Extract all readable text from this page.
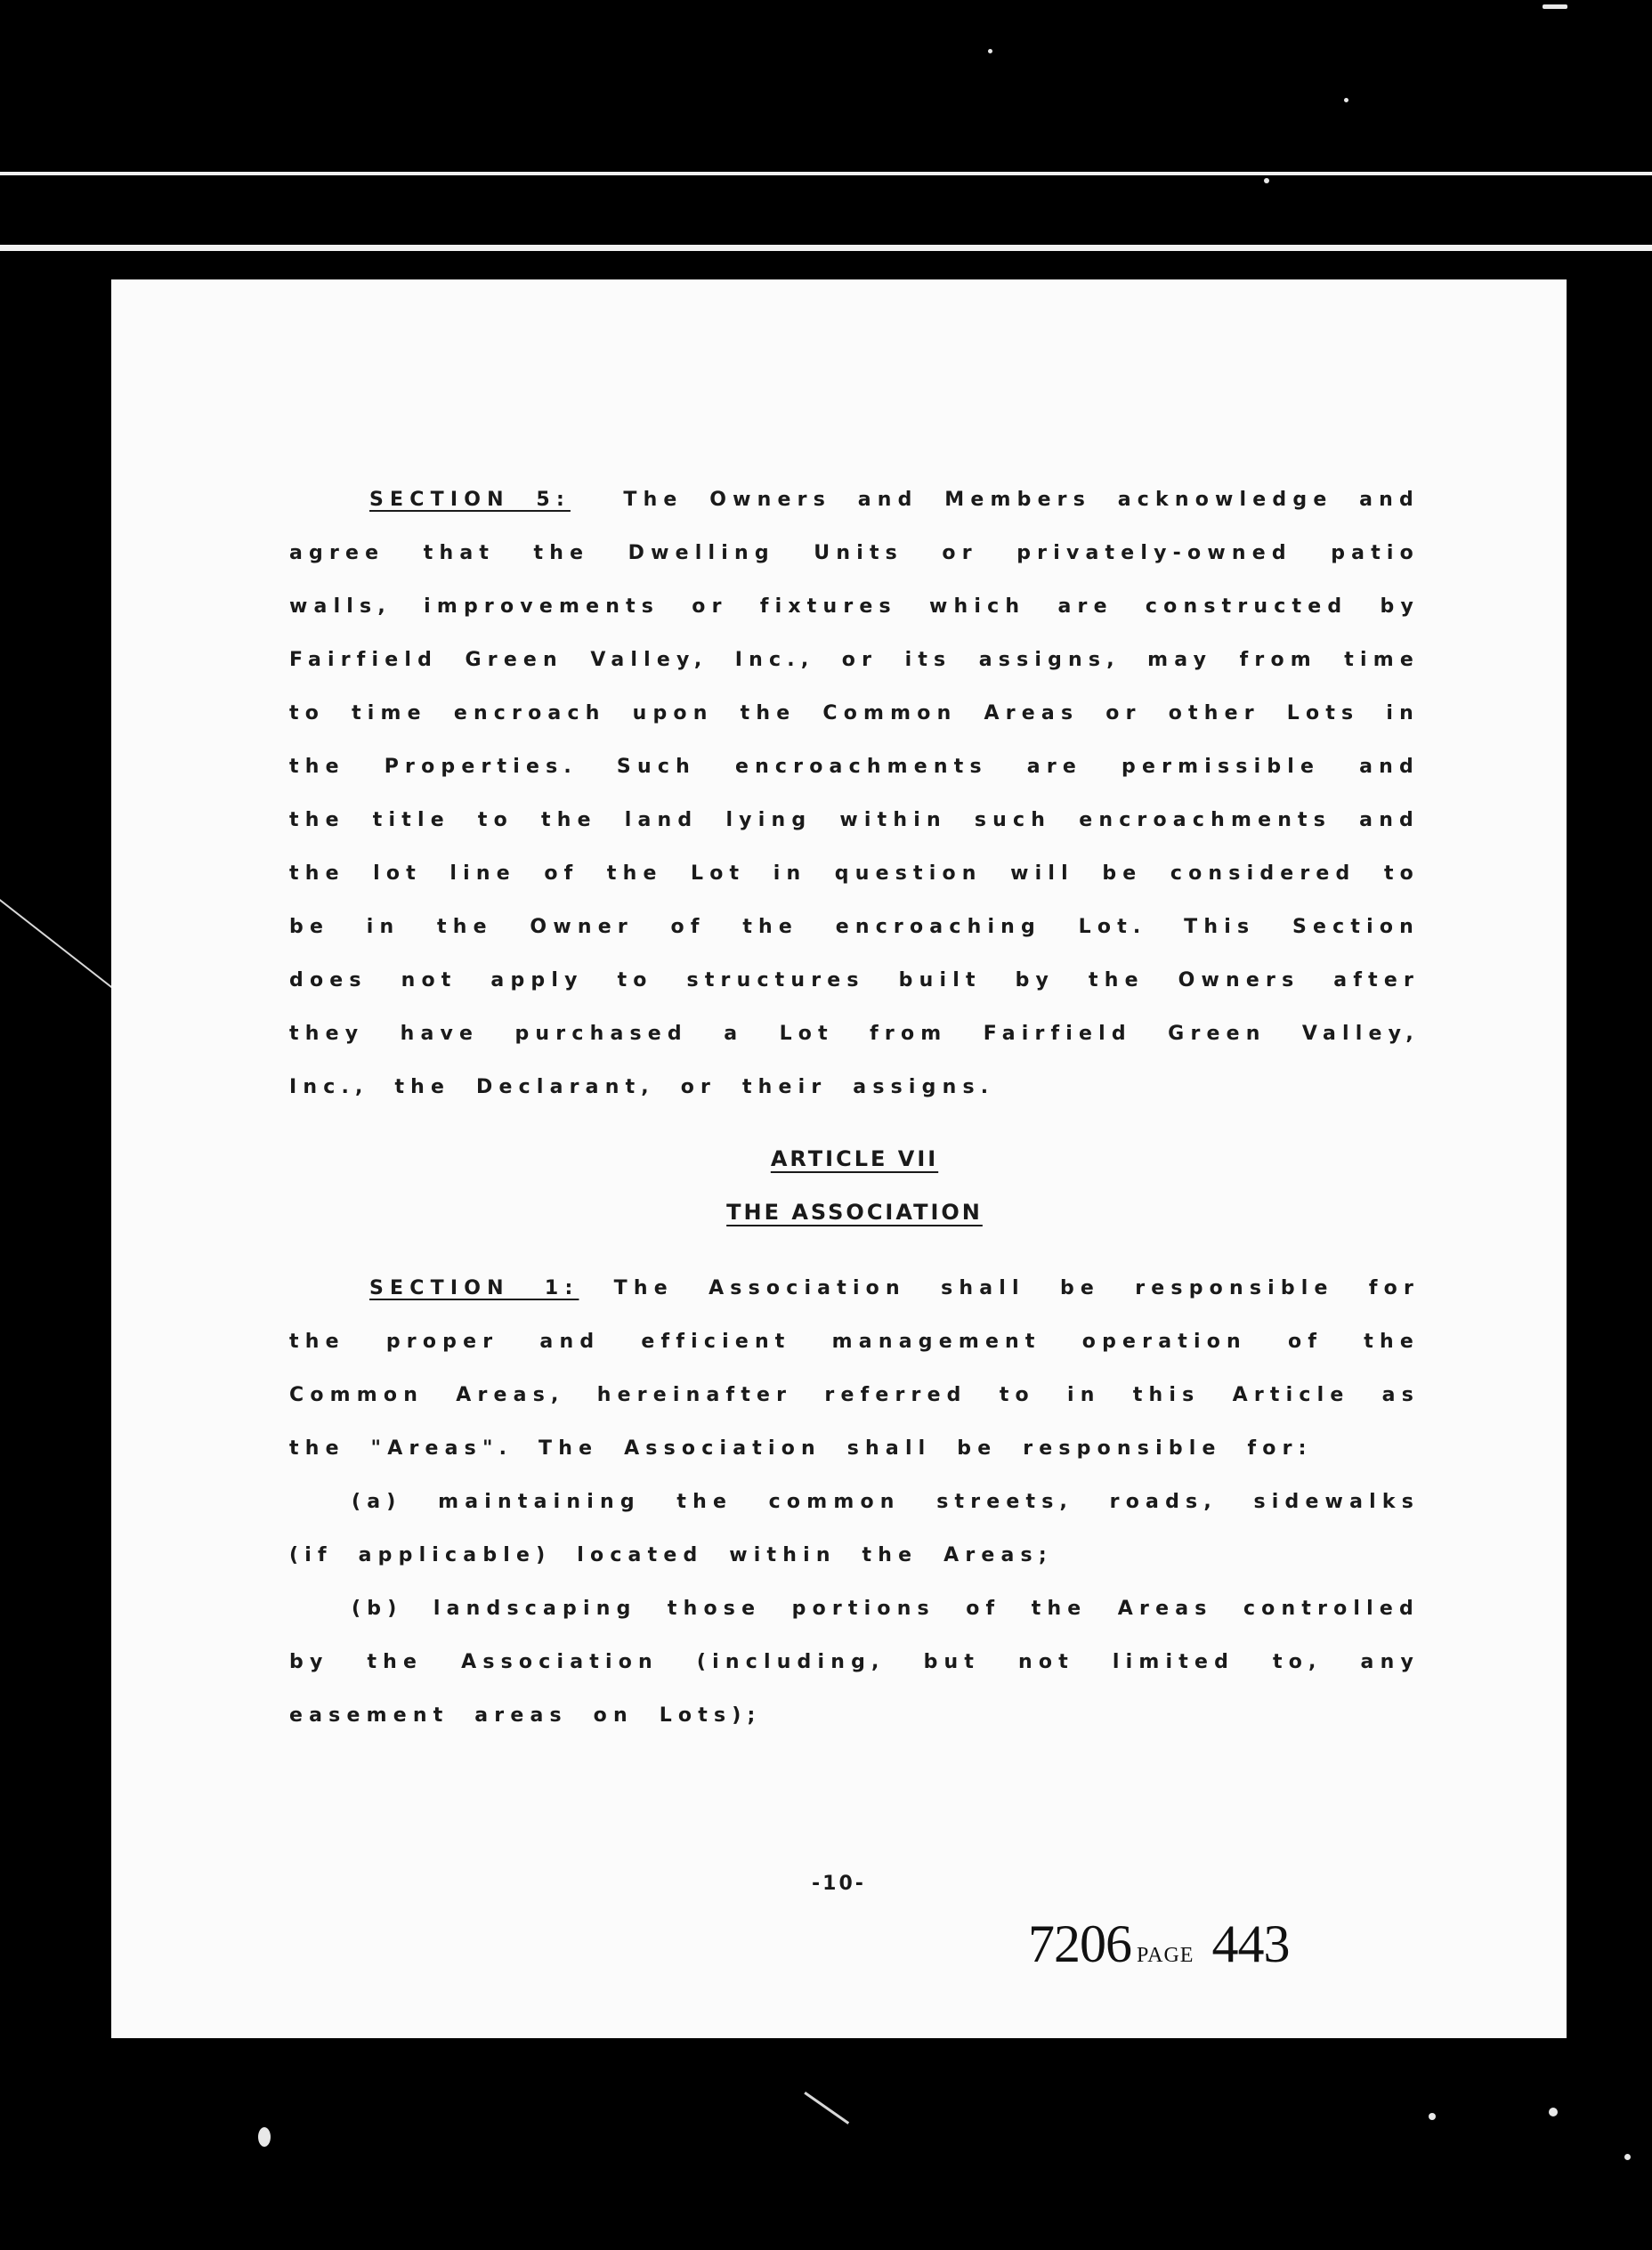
SECTION 5:	The Owners and Members acknowledge and agree that the Dwelling Units or privately-owned patio walls, improvements or fixtures which are constructed by Fairfield Green Valley, Inc., or its assigns, may from time to time encroach upon the Common Areas or other Lots in the Properties. Such encroachments are permissible and the title to the land lying within such encroachments and the lot line of the Lot in question will be considered to be in the Owner of the encroaching Lot. This Section does not apply to structures built by the Owners after they have purchased a Lot from Fairfield Green Valley, Inc., the Declarant, or their assigns.

ARTICLE VII
THE ASSOCIATION

SECTION 1: The Association shall be responsible for the proper and efficient management operation of the Common Areas, hereinafter referred to in this Article as the "Areas". The Association shall be responsible for:

(a) maintaining the common streets, roads, sidewalks (if applicable) located within the Areas;

(b) landscaping those portions of the Areas controlled by the Association (including, but not limited to, any easement areas on Lots);

-10-
7206 PAGE 443
